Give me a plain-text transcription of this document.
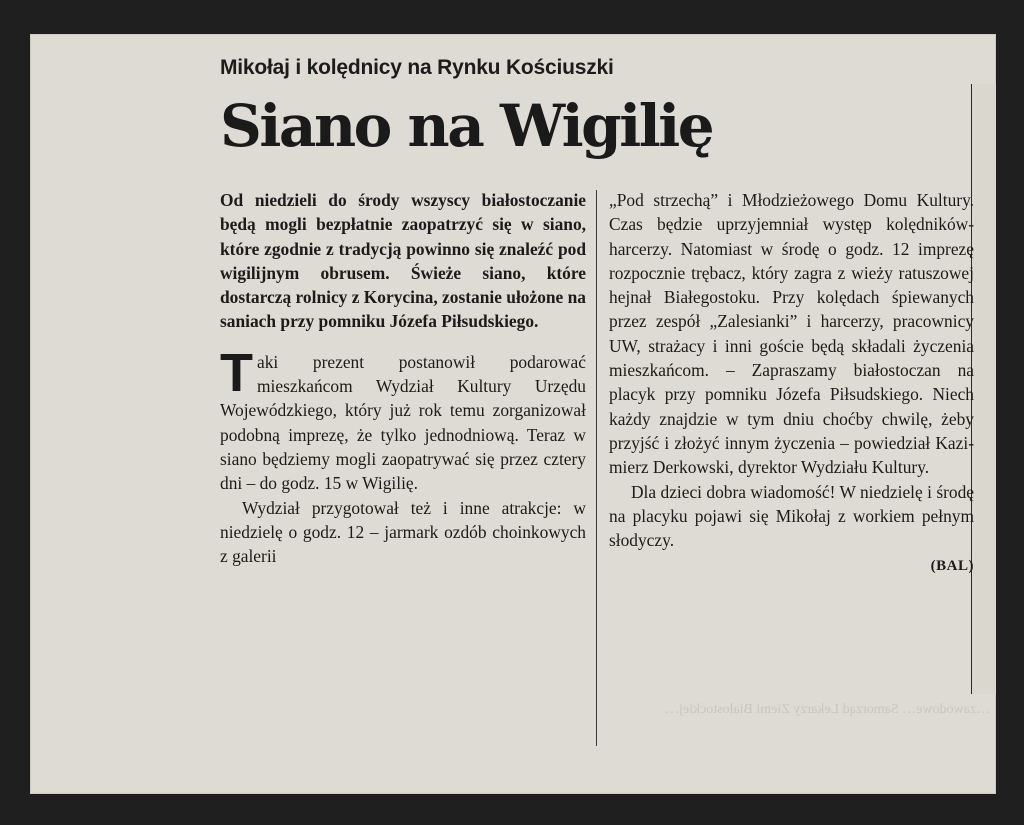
Mikołaj i kolędnicy na Rynku Kościuszki
Siano na Wigilię

Od niedzieli do środy wszyscy białostoczanie będą mogli bezpłatnie zaopatrzyć się w siano, które zgodnie z tradycją powinno się znaleźć pod wigilijnym obrusem. Świeże siano, które dostarczą rolnicy z Korycina, zostanie ułożone na saniach przy pomniku Józefa Piłsudskiego.

Taki prezent postanowił podarować mieszkańcom Wydział Kultury Urzędu Wojewódzkiego, który już rok temu zorganizował podobną imprezę, że tylko jednodniową. Teraz w siano będziemy mogli zaopatrywać się przez cztery dni – do godz. 15 w Wigilię.

Wydział przygotował też i inne atrakcje: w niedzielę o godz. 12 – jarmark ozdób choinkowych z galerii

„Pod strzechą” i Młodzieżowego Domu Kultury. Czas będzie uprzyjemniał występ kolędników-harcerzy. Natomiast w środę o godz. 12 imprezę rozpocznie trębacz, który zagra z wieży ratuszowej hejnał Białegostoku. Przy kolędach śpiewanych przez zespół „Zalesianki” i harcerzy, pracownicy UW, strażacy i inni goście będą składali życzenia mieszkańcom. – Zapraszamy białostoczan na placyk przy pomniku Józefa Piłsudskiego. Niech każdy znajdzie w tym dniu choćby chwilę, żeby przyjść i złożyć innym życzenia – powiedział Kazimierz Derkowski, dyrektor Wydziału Kultury.

Dla dzieci dobra wiadomość! W niedzielę i środę na placyku pojawi się Mikołaj z workiem pełnym słodyczy.

(BAL)

…zawodowe… Samorząd Lekarzy Ziemi Białostockiej…
